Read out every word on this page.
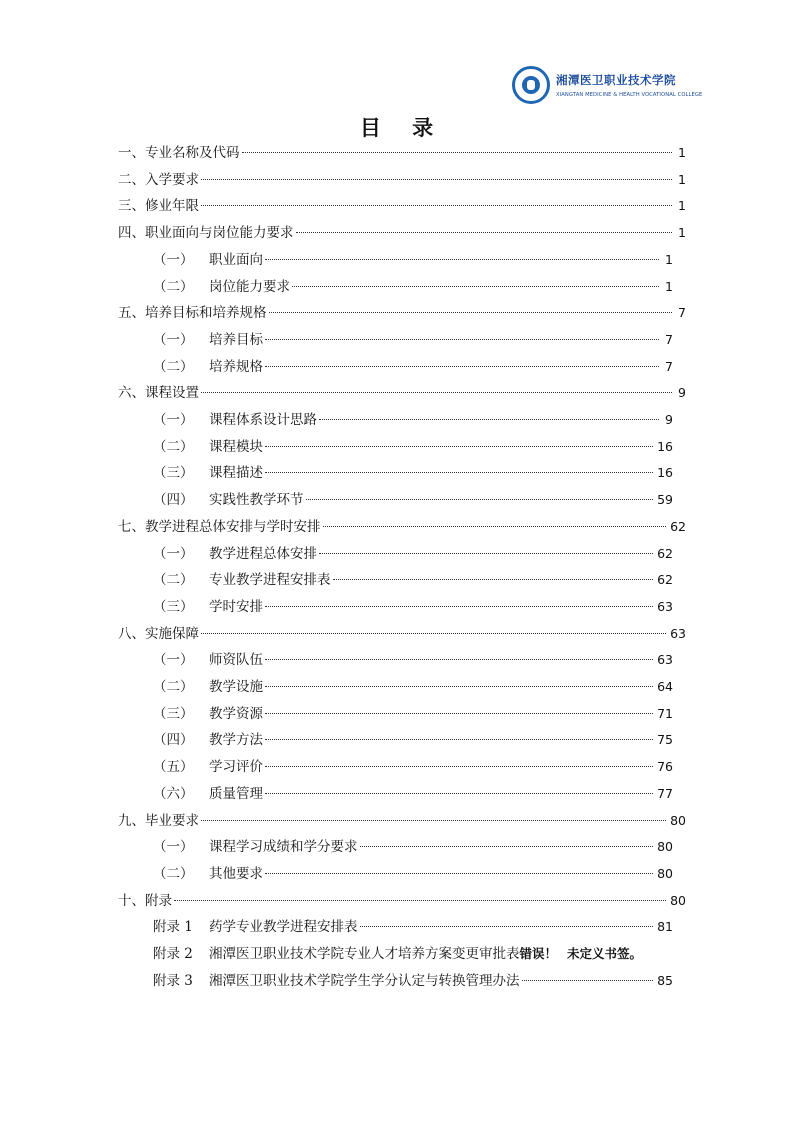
湘潭医卫职业技术学院
XIANGTAN MEDICINE & HEALTH VOCATIONAL COLLEGE
目 录
一、专业名称及代码	1
二、入学要求	1
三、修业年限	1
四、职业面向与岗位能力要求	1
（一） 职业面向	1
（二） 岗位能力要求	1
五、培养目标和培养规格	7
（一） 培养目标	7
（二） 培养规格	7
六、课程设置	9
（一） 课程体系设计思路	9
（二） 课程模块	16
（三） 课程描述	16
（四） 实践性教学环节	59
七、教学进程总体安排与学时安排	62
（一） 教学进程总体安排	62
（二） 专业教学进程安排表	62
（三） 学时安排	63
八、实施保障	63
（一） 师资队伍	63
（二） 教学设施	64
（三） 教学资源	71
（四） 教学方法	75
（五） 学习评价	76
（六） 质量管理	77
九、毕业要求	80
（一） 课程学习成绩和学分要求	80
（二） 其他要求	80
十、附录	80
附录 1 药学专业教学进程安排表	81
附录 2 湘潭医卫职业技术学院专业人才培养方案变更审批表 错误！ 未定义书签。
附录 3 湘潭医卫职业技术学院学生学分认定与转换管理办法	85
